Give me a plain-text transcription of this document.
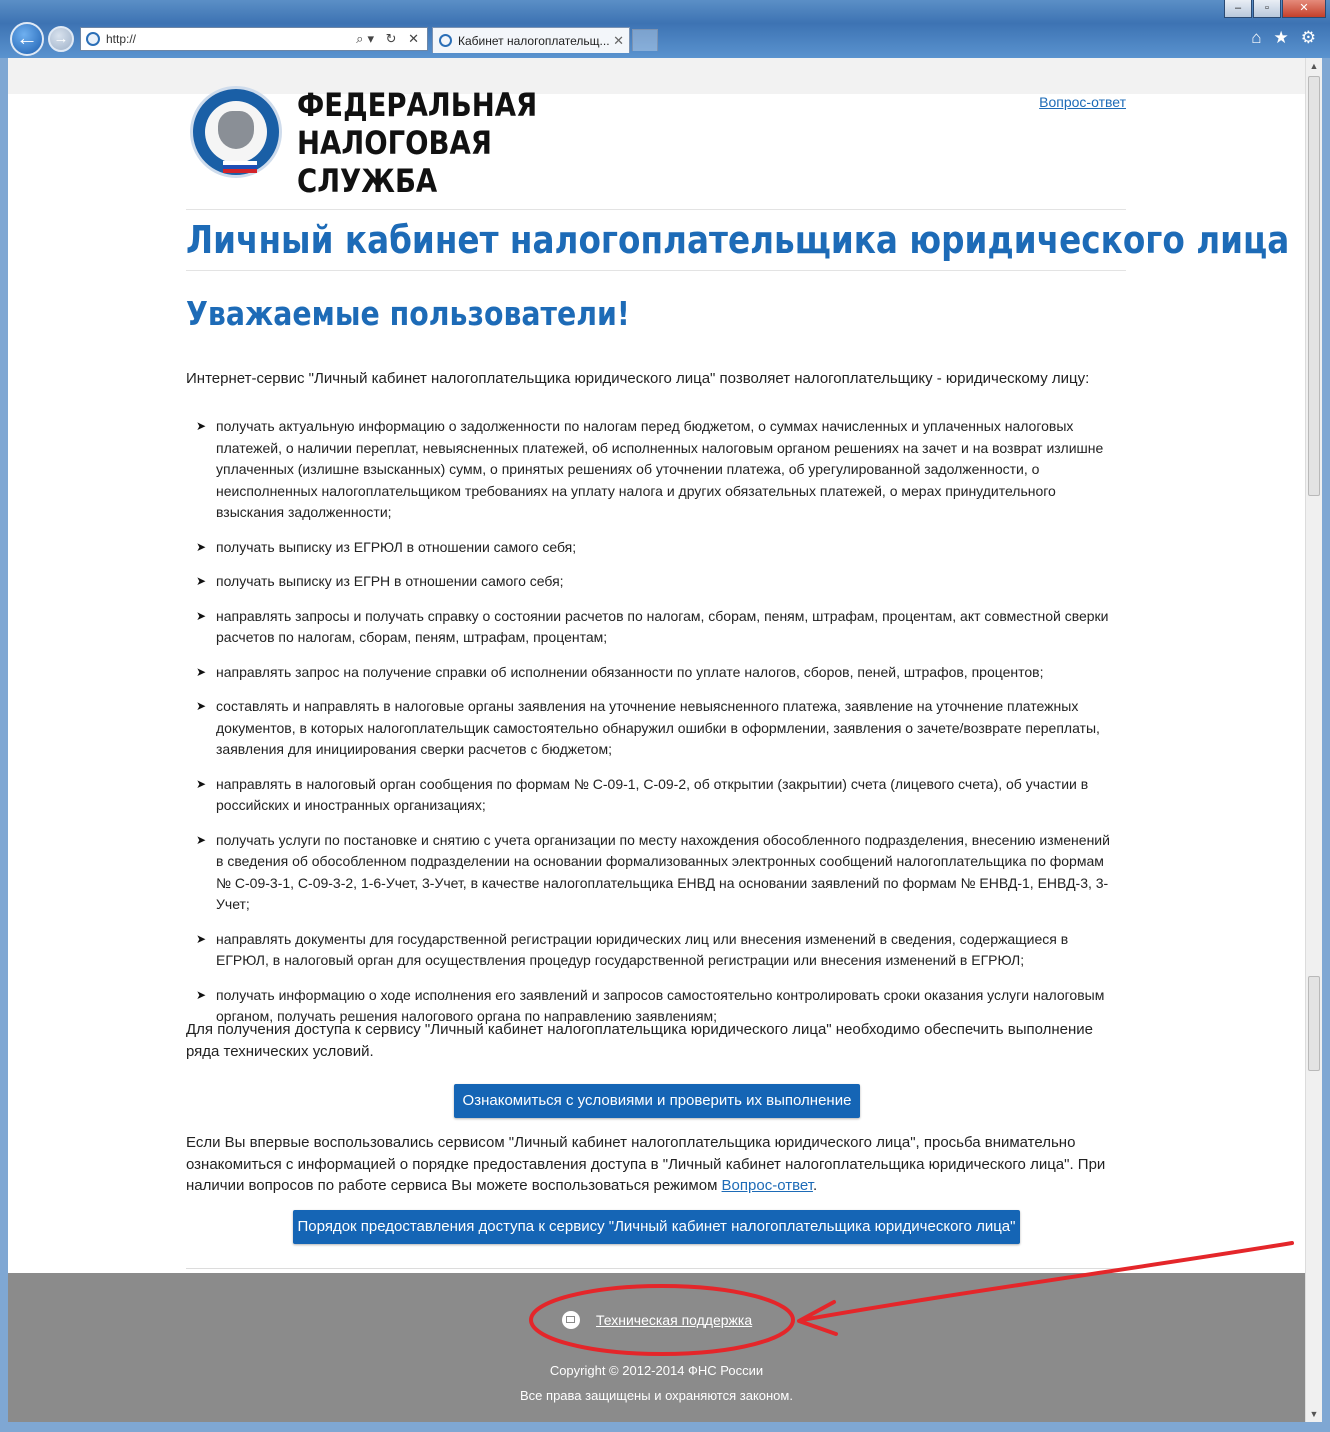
–	▫	✕
←	→	http://	⌕▾ ↻ ✕	Кабинет налогоплательщ... ✕	⌂ ★ ⚙
ФЕДЕРАЛЬНАЯ
НАЛОГОВАЯ СЛУЖБА
Вопрос-ответ
Личный кабинет налогоплательщика юридического лица
Уважаемые пользователи!
Интернет-сервис "Личный кабинет налогоплательщика юридического лица" позволяет налогоплательщику - юридическому лицу:
➤ получать актуальную информацию о задолженности по налогам перед бюджетом, о суммах начисленных и уплаченных налоговых платежей, о наличии переплат, невыясненных платежей, об исполненных налоговым органом решениях на зачет и на возврат излишне уплаченных (излишне взысканных) сумм, о принятых решениях об уточнении платежа, об урегулированной задолженности, о неисполненных налогоплательщиком требованиях на уплату налога и других обязательных платежей, о мерах принудительного взыскания задолженности;
➤ получать выписку из ЕГРЮЛ в отношении самого себя;
➤ получать выписку из ЕГРН в отношении самого себя;
➤ направлять запросы и получать справку о состоянии расчетов по налогам, сборам, пеням, штрафам, процентам, акт совместной сверки расчетов по налогам, сборам, пеням, штрафам, процентам;
➤ направлять запрос на получение справки об исполнении обязанности по уплате налогов, сборов, пеней, штрафов, процентов;
➤ составлять и направлять в налоговые органы заявления на уточнение невыясненного платежа, заявление на уточнение платежных документов, в которых налогоплательщик самостоятельно обнаружил ошибки в оформлении, заявления о зачете/возврате переплаты, заявления для инициирования сверки расчетов с бюджетом;
➤ направлять в налоговый орган сообщения по формам № С-09-1, С-09-2, об открытии (закрытии) счета (лицевого счета), об участии в российских и иностранных организациях;
➤ получать услуги по постановке и снятию с учета организации по месту нахождения обособленного подразделения, внесению изменений в сведения об обособленном подразделении на основании формализованных электронных сообщений налогоплательщика по формам № С-09-3-1, С-09-3-2, 1-6-Учет, 3-Учет, в качестве налогоплательщика ЕНВД на основании заявлений по формам № ЕНВД-1, ЕНВД-3, 3-Учет;
➤ направлять документы для государственной регистрации юридических лиц или внесения изменений в сведения, содержащиеся в ЕГРЮЛ, в налоговый орган для осуществления процедур государственной регистрации или внесения изменений в ЕГРЮЛ;
➤ получать информацию о ходе исполнения его заявлений и запросов самостоятельно контролировать сроки оказания услуги налоговым органом, получать решения налогового органа по направлению заявлениям;
Для получения доступа к сервису "Личный кабинет налогоплательщика юридического лица" необходимо обеспечить выполнение ряда технических условий.
Ознакомиться с условиями и проверить их выполнение
Если Вы впервые воспользовались сервисом "Личный кабинет налогоплательщика юридического лица", просьба внимательно ознакомиться с информацией о порядке предоставления доступа в "Личный кабинет налогоплательщика юридического лица". При наличии вопросов по работе сервиса Вы можете воспользоваться режимом Вопрос-ответ.
Порядок предоставления доступа к сервису "Личный кабинет налогоплательщика юридического лица"
Техническая поддержка
Copyright © 2012-2014 ФНС России
Все права защищены и охраняются законом.
▲
▼
